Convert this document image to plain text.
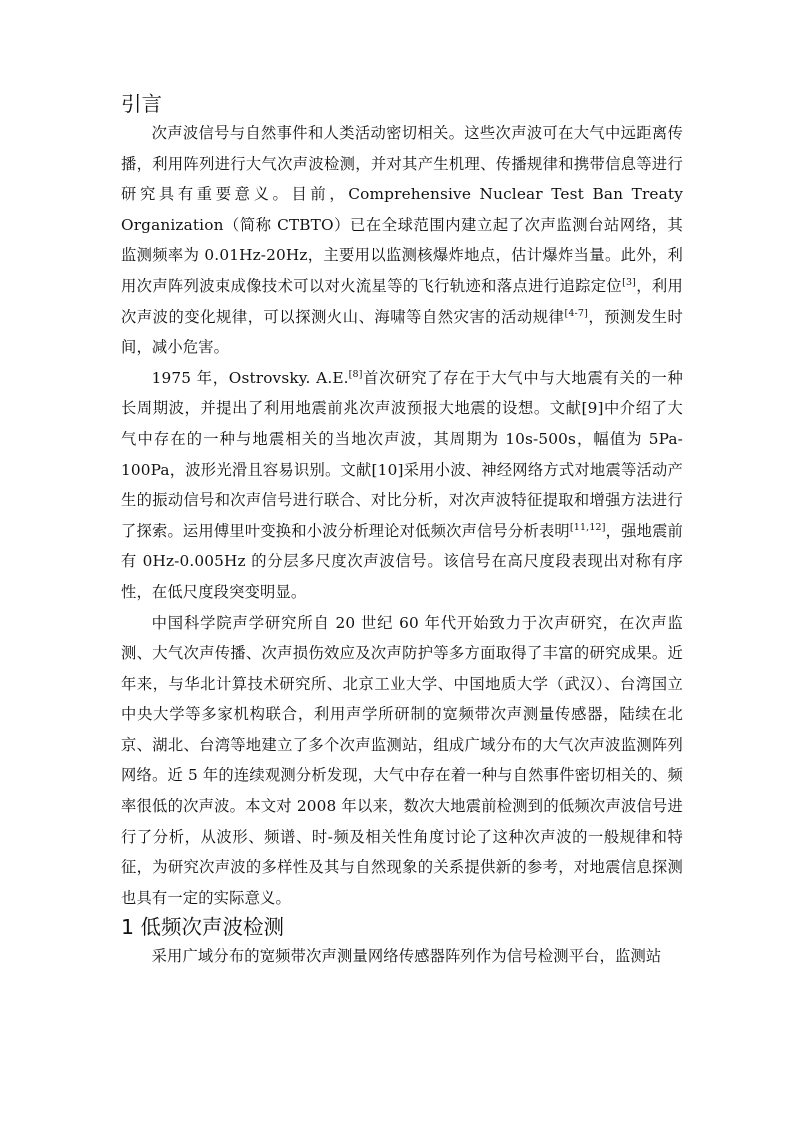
引言

次声波信号与自然事件和人类活动密切相关。这些次声波可在大气中远距离传播，利用阵列进行大气次声波检测，并对其产生机理、传播规律和携带信息等进行研究具有重要意义。目前，Comprehensive Nuclear Test Ban Treaty Organization（简称 CTBTO）已在全球范围内建立起了次声监测台站网络，其监测频率为 0.01Hz-20Hz，主要用以监测核爆炸地点，估计爆炸当量。此外，利用次声阵列波束成像技术可以对火流星等的飞行轨迹和落点进行追踪定位[3]，利用次声波的变化规律，可以探测火山、海啸等自然灾害的活动规律[4-7]，预测发生时间，减小危害。

1975 年，Ostrovsky. A.E.[8]首次研究了存在于大气中与大地震有关的一种长周期波，并提出了利用地震前兆次声波预报大地震的设想。文献[9]中介绍了大气中存在的一种与地震相关的当地次声波，其周期为 10s-500s，幅值为 5Pa-100Pa，波形光滑且容易识别。文献[10]采用小波、神经网络方式对地震等活动产生的振动信号和次声信号进行联合、对比分析，对次声波特征提取和增强方法进行了探索。运用傅里叶变换和小波分析理论对低频次声信号分析表明[11,12]，强地震前有 0Hz-0.005Hz 的分层多尺度次声波信号。该信号在高尺度段表现出对称有序性，在低尺度段突变明显。

中国科学院声学研究所自 20 世纪 60 年代开始致力于次声研究，在次声监测、大气次声传播、次声损伤效应及次声防护等多方面取得了丰富的研究成果。近年来，与华北计算技术研究所、北京工业大学、中国地质大学（武汉）、台湾国立中央大学等多家机构联合，利用声学所研制的宽频带次声测量传感器，陆续在北京、湖北、台湾等地建立了多个次声监测站，组成广域分布的大气次声波监测阵列网络。近 5 年的连续观测分析发现，大气中存在着一种与自然事件密切相关的、频率很低的次声波。本文对 2008 年以来，数次大地震前检测到的低频次声波信号进行了分析，从波形、频谱、时-频及相关性角度讨论了这种次声波的一般规律和特征，为研究次声波的多样性及其与自然现象的关系提供新的参考，对地震信息探测也具有一定的实际意义。

1 低频次声波检测

采用广域分布的宽频带次声测量网络传感器阵列作为信号检测平台，监测站
